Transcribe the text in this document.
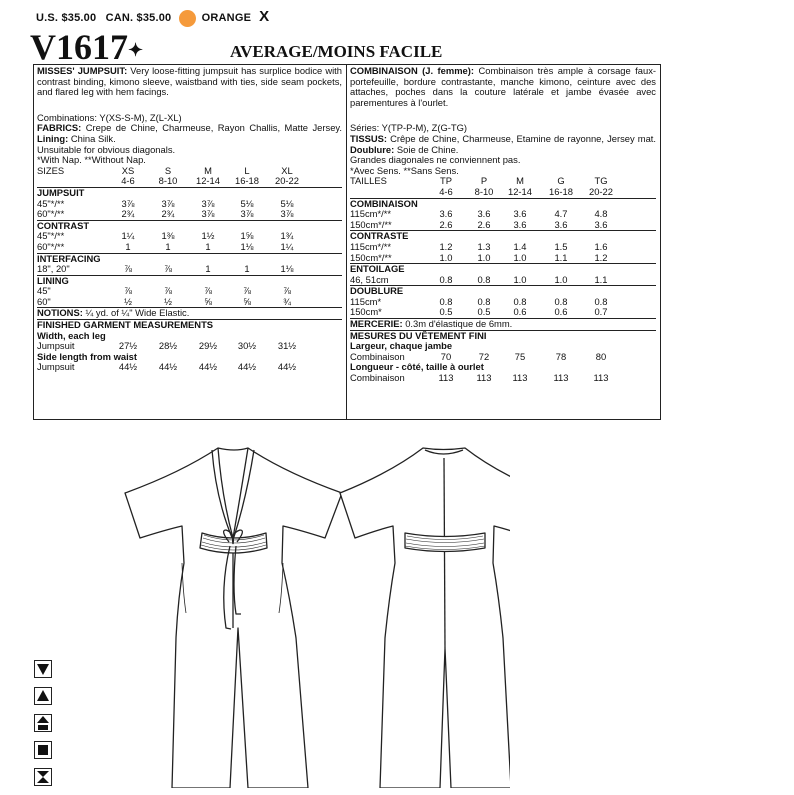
U.S. $35.00 CAN. $35.00	ORANGE X
V1617✦	AVERAGE/MOINS FACILE
MISSES' JUMPSUIT: Very loose-fitting jumpsuit has surplice bodice with contrast binding, kimono sleeve, waistband with ties, side seam pockets, and flared leg with hem facings.
Combinations: Y(XS-S-M), Z(L-XL)
FABRICS: Crepe de Chine, Charmeuse, Rayon Challis, Matte Jersey. Lining: China Silk.
Unsuitable for obvious diagonals.
*With Nap. **Without Nap.
SIZES	XS	S	M	L	XL
4-6	8-10	12-14	16-18	20-22
JUMPSUIT
45"*/**	3⅞	3⅞	3⅞	5⅛	5⅛
60"*/**	2¾	2¾	3⅞	3⅞	3⅞
CONTRAST
45"*/**	1¼	1⅜	1½	1⅝	1¾
60"*/**	1	1	1	1⅛	1¼
INTERFACING
18", 20"	⅞	⅞	1	1	1⅛
LINING
45"	⅞	⅞	⅞	⅞	⅞
60"	½	½	⅝	⅝	¾
NOTIONS: ¼ yd. of ¼" Wide Elastic.
FINISHED GARMENT MEASUREMENTS
Width, each leg
Jumpsuit	27½	28½	29½	30½	31½
Side length from waist
Jumpsuit	44½	44½	44½	44½	44½
COMBINAISON (J. femme): Combinaison très ample à corsage faux-portefeuille, bordure contrastante, manche kimono, ceinture avec des attaches, poches dans la couture latérale et jambe évasée avec parementures à l'ourlet.
Séries: Y(TP-P-M), Z(G-TG)
TISSUS: Crêpe de Chine, Charmeuse, Etamine de rayonne, Jersey mat. Doublure: Soie de Chine.
Grandes diagonales ne conviennent pas.
*Avec Sens. **Sans Sens.
TAILLES	TP	P	M	G	TG
4-6	8-10	12-14	16-18	20-22
COMBINAISON
115cm*/**	3.6	3.6	3.6	4.7	4.8
150cm*/**	2.6	2.6	3.6	3.6	3.6
CONTRASTE
115cm*/**	1.2	1.3	1.4	1.5	1.6
150cm*/**	1.0	1.0	1.0	1.1	1.2
ENTOILAGE
46, 51cm	0.8	0.8	1.0	1.0	1.1
DOUBLURE
115cm*	0.8	0.8	0.8	0.8	0.8
150cm*	0.5	0.5	0.6	0.6	0.7
MERCERIE: 0.3m d'élastique de 6mm.
MESURES DU VÊTEMENT FINI
Largeur, chaque jambe
Combinaison	70	72	75	78	80
Longueur - côté, taille à ourlet
Combinaison	113	113	113	113	113
